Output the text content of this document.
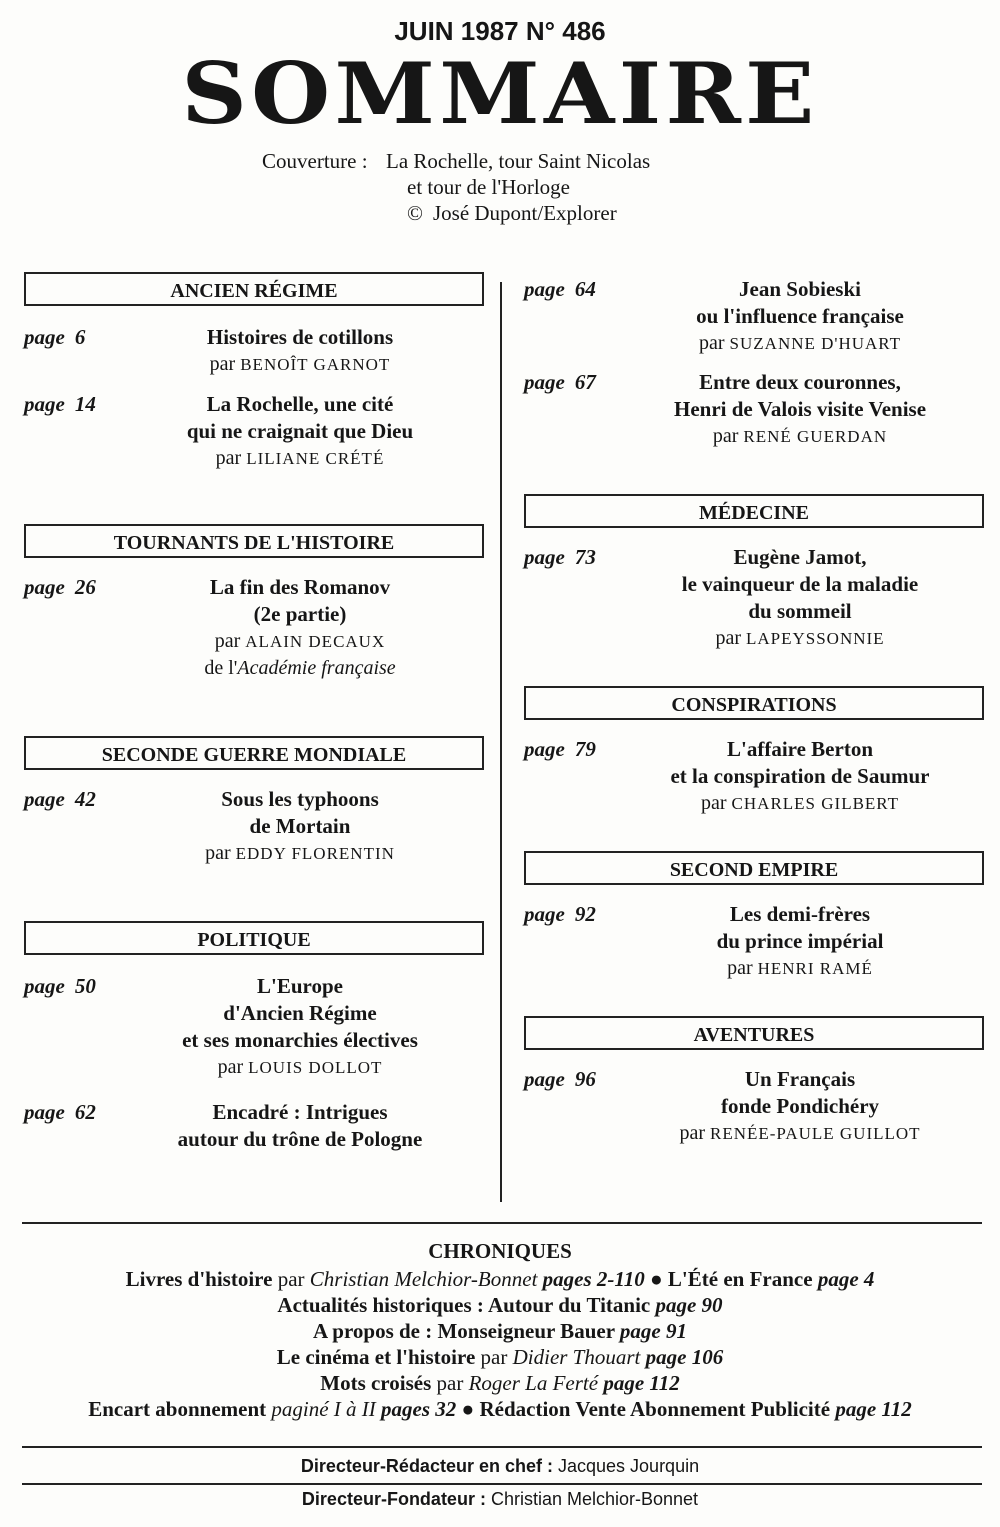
JUIN 1987 N° 486
SOMMAIRE
Couverture : La Rochelle, tour Saint Nicolas
et tour de l'Horloge
© José Dupont/Explorer
ANCIEN RÉGIME
page 6	Histoires de cotillons
par BENOÎT GARNOT
page 14	La Rochelle, une cité
qui ne craignait que Dieu
par LILIANE CRÉTÉ
TOURNANTS DE L'HISTOIRE
page 26	La fin des Romanov
(2e partie)
par ALAIN DECAUX
de l'Académie française
SECONDE GUERRE MONDIALE
page 42	Sous les typhoons
de Mortain
par EDDY FLORENTIN
POLITIQUE
page 50	L'Europe
d'Ancien Régime
et ses monarchies électives
par LOUIS DOLLOT
page 62	Encadré : Intrigues
autour du trône de Pologne
page 64	Jean Sobieski
ou l'influence française
par SUZANNE D'HUART
page 67	Entre deux couronnes,
Henri de Valois visite Venise
par RENÉ GUERDAN
MÉDECINE
page 73	Eugène Jamot,
le vainqueur de la maladie
du sommeil
par LAPEYSSONNIE
CONSPIRATIONS
page 79	L'affaire Berton
et la conspiration de Saumur
par CHARLES GILBERT
SECOND EMPIRE
page 92	Les demi-frères
du prince impérial
par HENRI RAMÉ
AVENTURES
page 96	Un Français
fonde Pondichéry
par RENÉE-PAULE GUILLOT
CHRONIQUES
Livres d'histoire par Christian Melchior-Bonnet pages 2-110 ● L'Été en France page 4
Actualités historiques : Autour du Titanic page 90
A propos de : Monseigneur Bauer page 91
Le cinéma et l'histoire par Didier Thouart page 106
Mots croisés par Roger La Ferté page 112
Encart abonnement paginé I à II pages 32 ● Rédaction Vente Abonnement Publicité page 112
Directeur-Rédacteur en chef : Jacques Jourquin
Directeur-Fondateur : Christian Melchior-Bonnet
